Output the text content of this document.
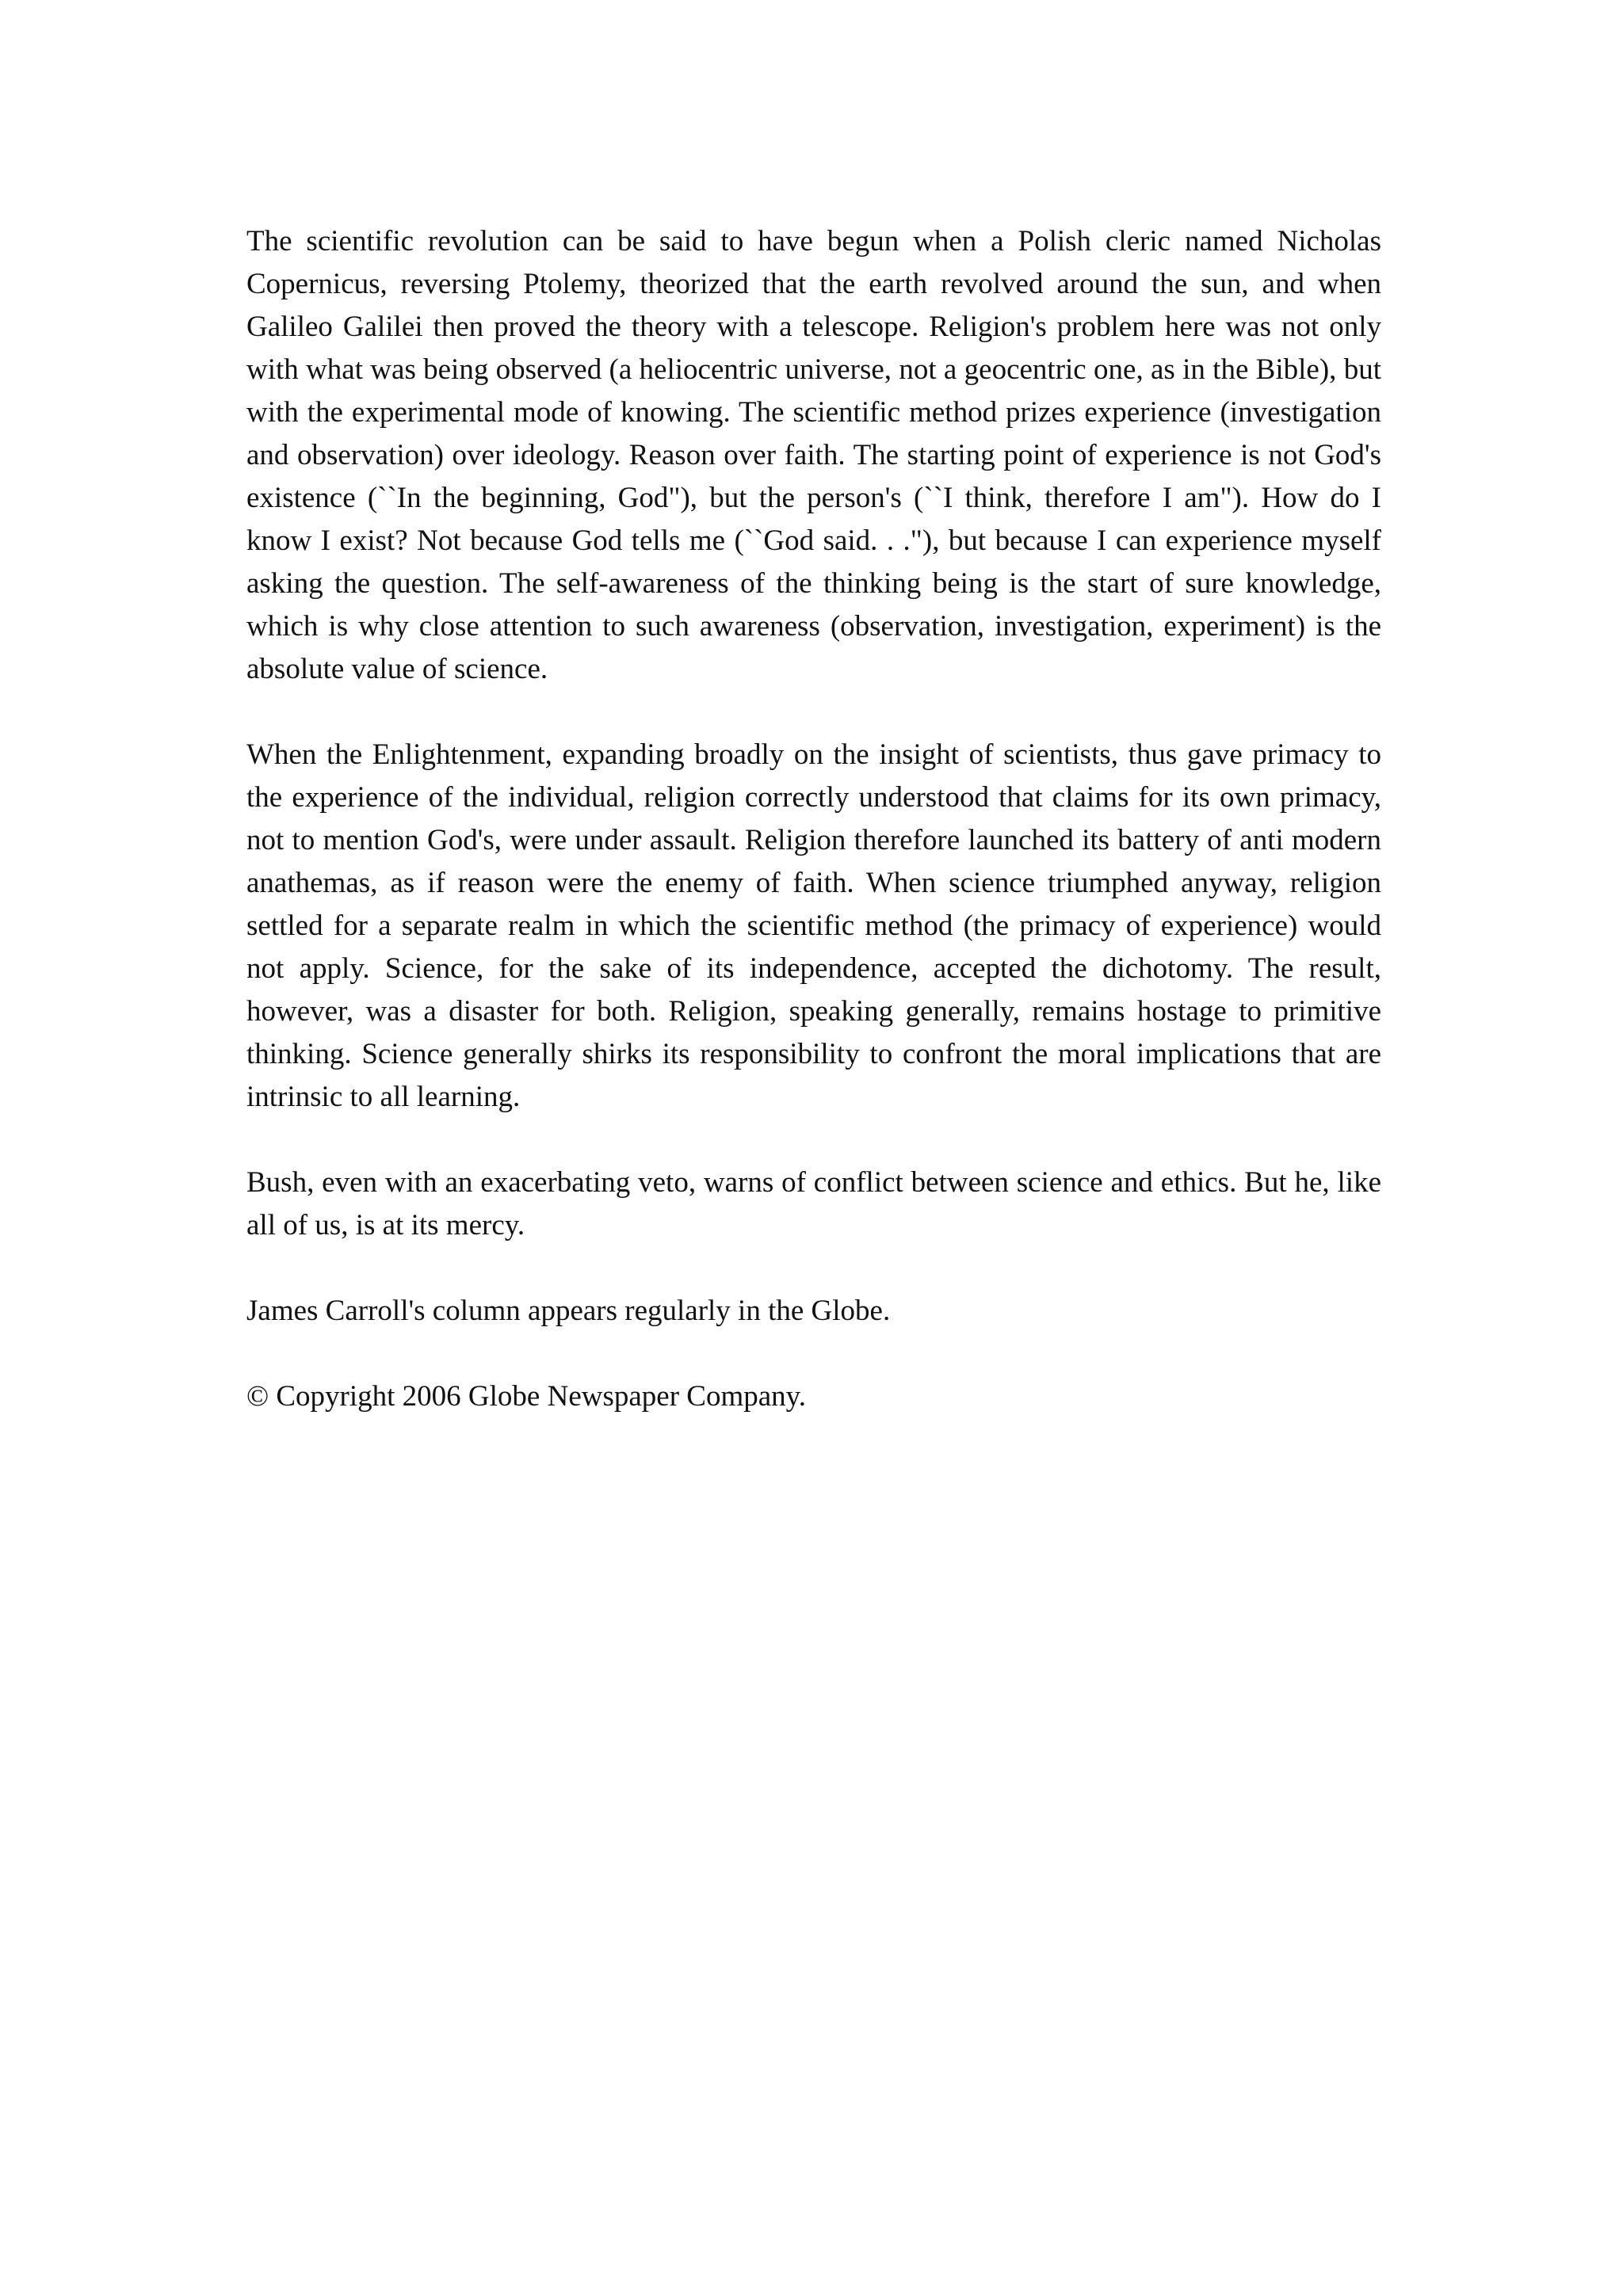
The scientific revolution can be said to have begun when a Polish cleric named Nicholas Copernicus, reversing Ptolemy, theorized that the earth revolved around the sun, and when Galileo Galilei then proved the theory with a telescope. Religion's problem here was not only with what was being observed (a heliocentric universe, not a geocentric one, as in the Bible), but with the experimental mode of knowing. The scientific method prizes experience (investigation and observation) over ideology. Reason over faith. The starting point of experience is not God's existence (``In the beginning, God"), but the person's (``I think, therefore I am"). How do I know I exist? Not because God tells me (``God said. . ."), but because I can experience myself asking the question. The self-awareness of the thinking being is the start of sure knowledge, which is why close attention to such awareness (observation, investigation, experiment) is the absolute value of science.

When the Enlightenment, expanding broadly on the insight of scientists, thus gave primacy to the experience of the individual, religion correctly understood that claims for its own primacy, not to mention God's, were under assault. Religion therefore launched its battery of anti modern anathemas, as if reason were the enemy of faith. When science triumphed anyway, religion settled for a separate realm in which the scientific method (the primacy of experience) would not apply. Science, for the sake of its independence, accepted the dichotomy. The result, however, was a disaster for both. Religion, speaking generally, remains hostage to primitive thinking. Science generally shirks its responsibility to confront the moral implications that are intrinsic to all learning.

Bush, even with an exacerbating veto, warns of conflict between science and ethics. But he, like all of us, is at its mercy.

James Carroll's column appears regularly in the Globe.

© Copyright 2006 Globe Newspaper Company.
